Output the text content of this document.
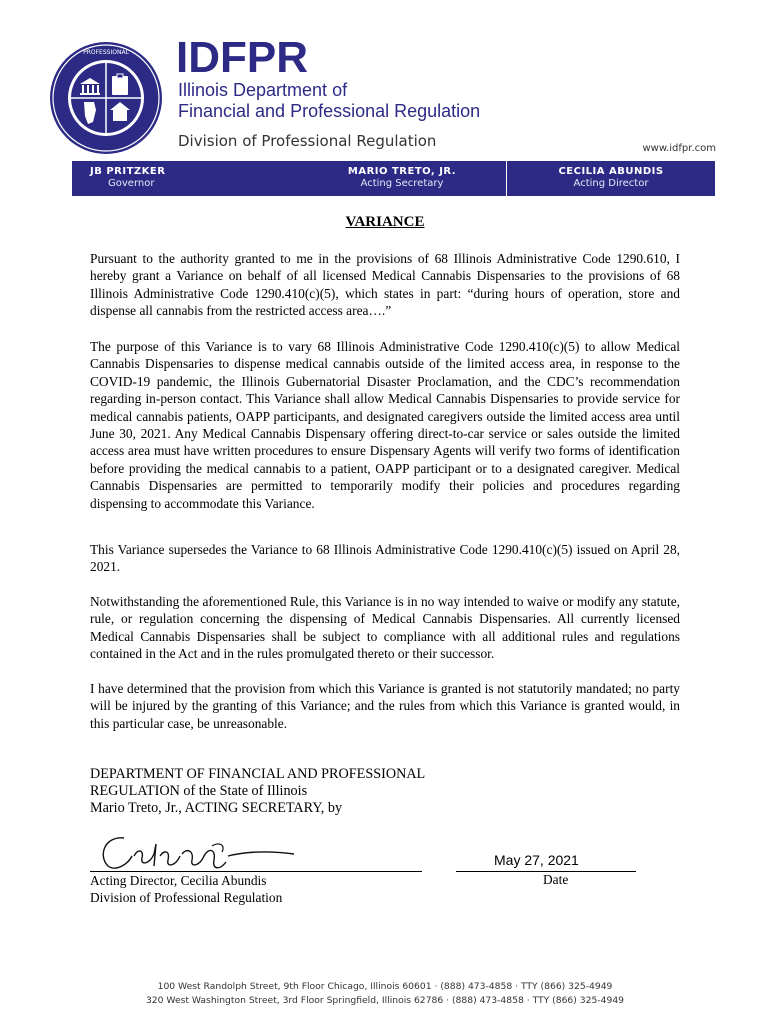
PROFESSIONAL IDFPR
Illinois Department of
Financial and Professional Regulation
Division of Professional Regulation	www.idfpr.com
JB PRITZKER
Governor
MARIO TRETO, JR.
Acting Secretary
CECILIA ABUNDIS
Acting Director
VARIANCE
Pursuant to the authority granted to me in the provisions of 68 Illinois Administrative Code 1290.610, I hereby grant a Variance on behalf of all licensed Medical Cannabis Dispensaries to the provisions of 68 Illinois Administrative Code 1290.410(c)(5), which states in part: “during hours of operation, store and dispense all cannabis from the restricted access area….”
The purpose of this Variance is to vary 68 Illinois Administrative Code 1290.410(c)(5) to allow Medical Cannabis Dispensaries to dispense medical cannabis outside of the limited access area, in response to the COVID-19 pandemic, the Illinois Gubernatorial Disaster Proclamation, and the CDC’s recommendation regarding in-person contact. This Variance shall allow Medical Cannabis Dispensaries to provide service for medical cannabis patients, OAPP participants, and designated caregivers outside the limited access area until June 30, 2021. Any Medical Cannabis Dispensary offering direct-to-car service or sales outside the limited access area must have written procedures to ensure Dispensary Agents will verify two forms of identification before providing the medical cannabis to a patient, OAPP participant or to a designated caregiver. Medical Cannabis Dispensaries are permitted to temporarily modify their policies and procedures regarding dispensing to accommodate this Variance.
This Variance supersedes the Variance to 68 Illinois Administrative Code 1290.410(c)(5) issued on April 28, 2021.
Notwithstanding the aforementioned Rule, this Variance is in no way intended to waive or modify any statute, rule, or regulation concerning the dispensing of Medical Cannabis Dispensaries. All currently licensed Medical Cannabis Dispensaries shall be subject to compliance with all additional rules and regulations contained in the Act and in the rules promulgated thereto or their successor.
I have determined that the provision from which this Variance is granted is not statutorily mandated; no party will be injured by the granting of this Variance; and the rules from which this Variance is granted would, in this particular case, be unreasonable.
DEPARTMENT OF FINANCIAL AND PROFESSIONAL
REGULATION of the State of Illinois
Mario Treto, Jr., ACTING SECRETARY, by
Acting Director, Cecilia Abundis
Division of Professional Regulation
May 27, 2021
Date
100 West Randolph Street, 9th Floor Chicago, Illinois 60601 · (888) 473-4858 · TTY (866) 325-4949
320 West Washington Street, 3rd Floor Springfield, Illinois 62786 · (888) 473-4858 · TTY (866) 325-4949
